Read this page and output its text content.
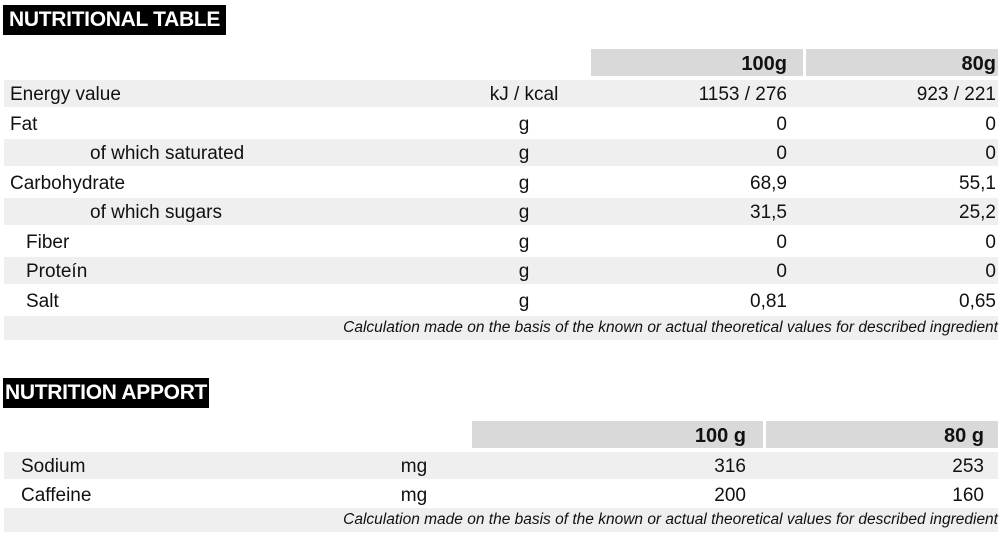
NUTRITIONAL TABLE
100g	80g
Energy value	kJ / kcal	1153 / 276	923 / 221
Fat	g	0	0
of which saturated	g	0	0
Carbohydrate	g	68,9	55,1
of which sugars	g	31,5	25,2
Fiber	g	0	0
Proteín	g	0	0
Salt	g	0,81	0,65
Calculation made on the basis of the known or actual theoretical values for described ingredient
NUTRITION APPORT
100 g	80 g
Sodium	mg	316	253
Caffeine	mg	200	160
Calculation made on the basis of the known or actual theoretical values for described ingredient
